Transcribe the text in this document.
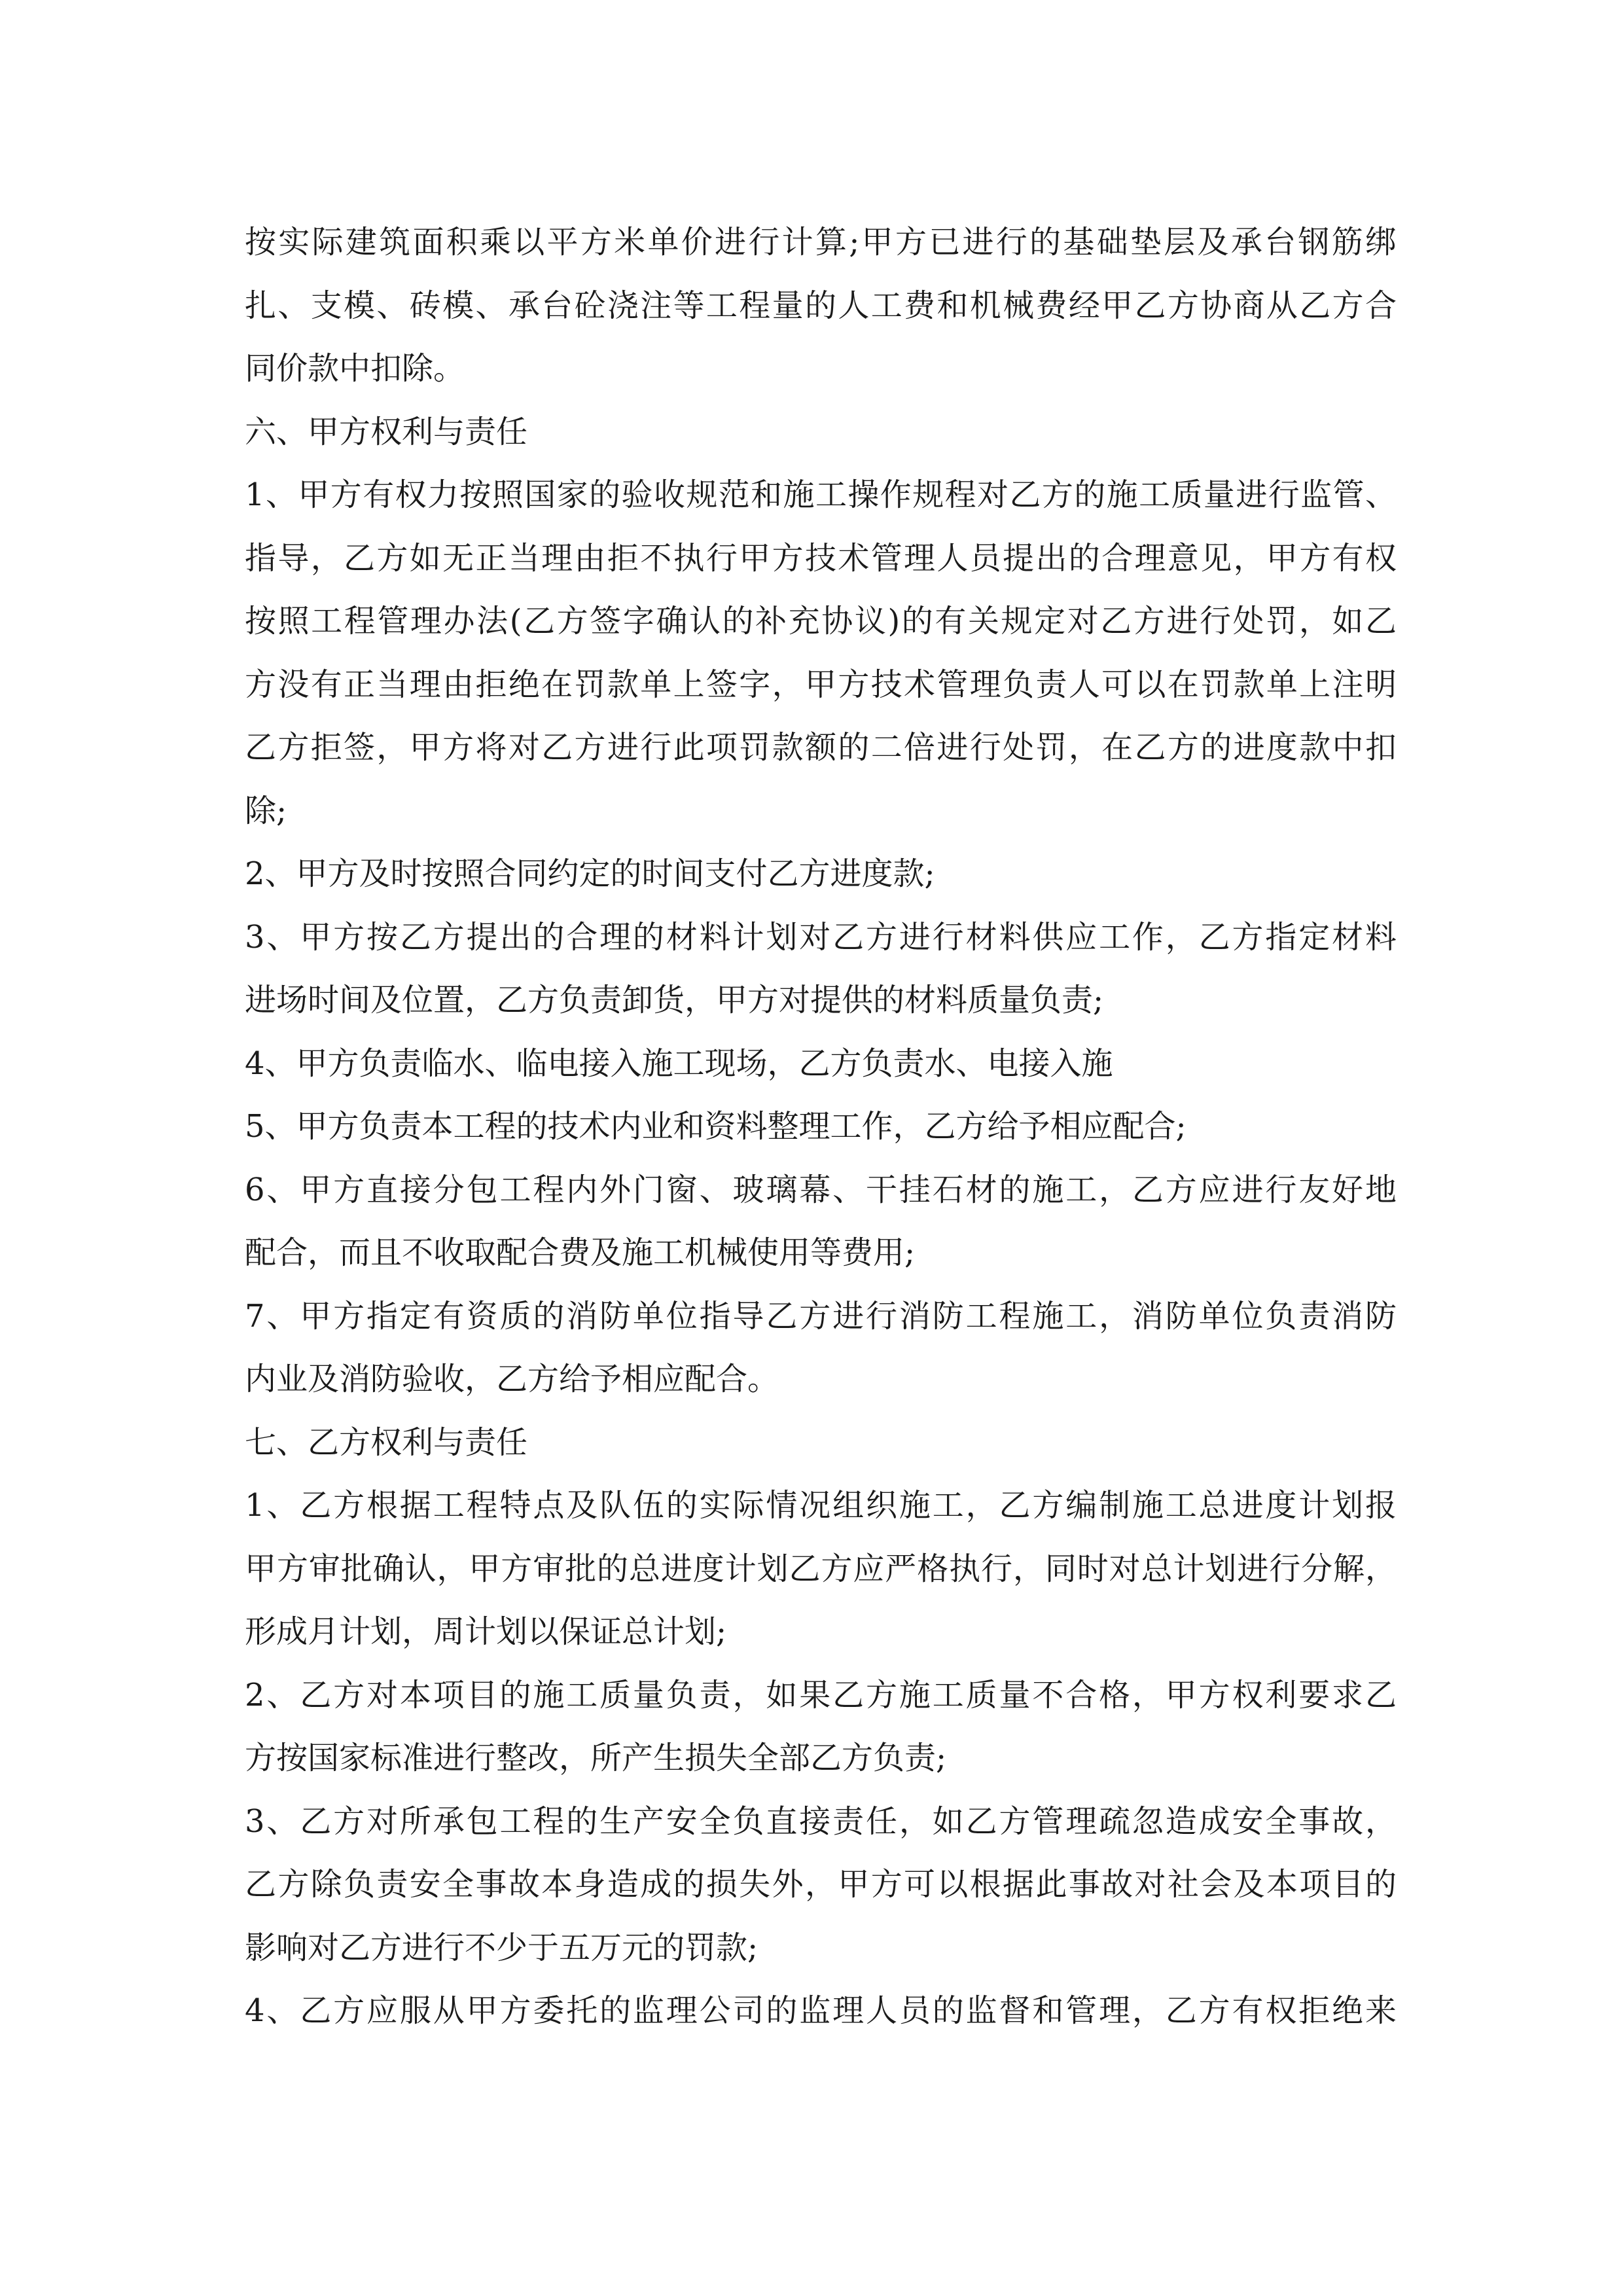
按实际建筑面积乘以平方米单价进行计算;甲方已进行的基础垫层及承台钢筋绑
扎、支模、砖模、承台砼浇注等工程量的人工费和机械费经甲乙方协商从乙方合
同价款中扣除。
六、甲方权利与责任
1、甲方有权力按照国家的验收规范和施工操作规程对乙方的施工质量进行监管、
指导，乙方如无正当理由拒不执行甲方技术管理人员提出的合理意见，甲方有权
按照工程管理办法(乙方签字确认的补充协议)的有关规定对乙方进行处罚，如乙
方没有正当理由拒绝在罚款单上签字，甲方技术管理负责人可以在罚款单上注明
乙方拒签，甲方将对乙方进行此项罚款额的二倍进行处罚，在乙方的进度款中扣
除;
2、甲方及时按照合同约定的时间支付乙方进度款;
3、甲方按乙方提出的合理的材料计划对乙方进行材料供应工作，乙方指定材料
进场时间及位置，乙方负责卸货，甲方对提供的材料质量负责;
4、甲方负责临水、临电接入施工现场，乙方负责水、电接入施
5、甲方负责本工程的技术内业和资料整理工作，乙方给予相应配合;
6、甲方直接分包工程内外门窗、玻璃幕、干挂石材的施工，乙方应进行友好地
配合，而且不收取配合费及施工机械使用等费用;
7、甲方指定有资质的消防单位指导乙方进行消防工程施工，消防单位负责消防
内业及消防验收，乙方给予相应配合。
七、乙方权利与责任
1、乙方根据工程特点及队伍的实际情况组织施工，乙方编制施工总进度计划报
甲方审批确认，甲方审批的总进度计划乙方应严格执行，同时对总计划进行分解，
形成月计划，周计划以保证总计划;
2、乙方对本项目的施工质量负责，如果乙方施工质量不合格，甲方权利要求乙
方按国家标准进行整改，所产生损失全部乙方负责;
3、乙方对所承包工程的生产安全负直接责任，如乙方管理疏忽造成安全事故，
乙方除负责安全事故本身造成的损失外，甲方可以根据此事故对社会及本项目的
影响对乙方进行不少于五万元的罚款;
4、乙方应服从甲方委托的监理公司的监理人员的监督和管理，乙方有权拒绝来
